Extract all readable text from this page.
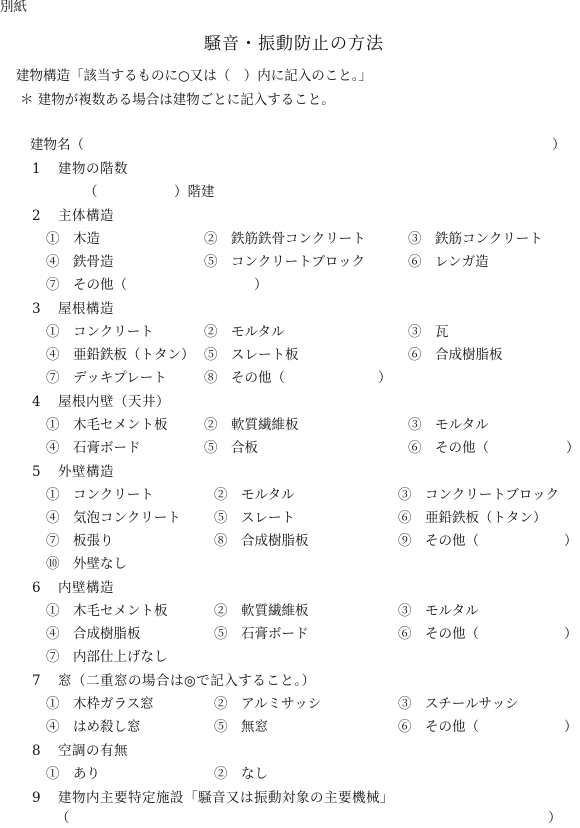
別紙
騒音・振動防止の方法
建物構造「該当するものに○又は（　）内に記入のこと。」
＊ 建物が複数ある場合は建物ごとに記入すること。
建物名（	）
1 建物の階数
（	）階建
2 主体構造
①　木造	②　鉄筋鉄骨コンクリート	③　鉄筋コンクリート
④　鉄骨造	⑤　コンクリートブロック	⑥　レンガ造
⑦　その他（	）
3 屋根構造
①　コンクリート	②　モルタル	③　瓦
④　亜鉛鉄板（トタン） ⑤　スレート板	⑥　合成樹脂板
⑦　デッキプレート	⑧　その他（	）
4 屋根内壁（天井）
①　木毛セメント板	②　軟質繊維板	③　モルタル
④　石膏ボード	⑤　合板	⑥　その他（	）
5 外壁構造
①　コンクリート	②　モルタル	③　コンクリートブロック
④　気泡コンクリート ⑤　スレート	⑥　亜鉛鉄板（トタン）
⑦　板張り	⑧　合成樹脂板	⑨　その他（	）
⑩　外壁なし
6 内壁構造
①　木毛セメント板	②　軟質繊維板	③　モルタル
④　合成樹脂板	⑤　石膏ボード	⑥　その他（	）
⑦　内部仕上げなし
7 窓（二重窓の場合は◎で記入すること。）
①　木枠ガラス窓	②　アルミサッシ	③　スチールサッシ
④　はめ殺し窓	⑤　無窓	⑥　その他（	）
8 空調の有無
①　あり	②　なし
9 建物内主要特定施設「騒音又は振動対象の主要機械」
（	）
